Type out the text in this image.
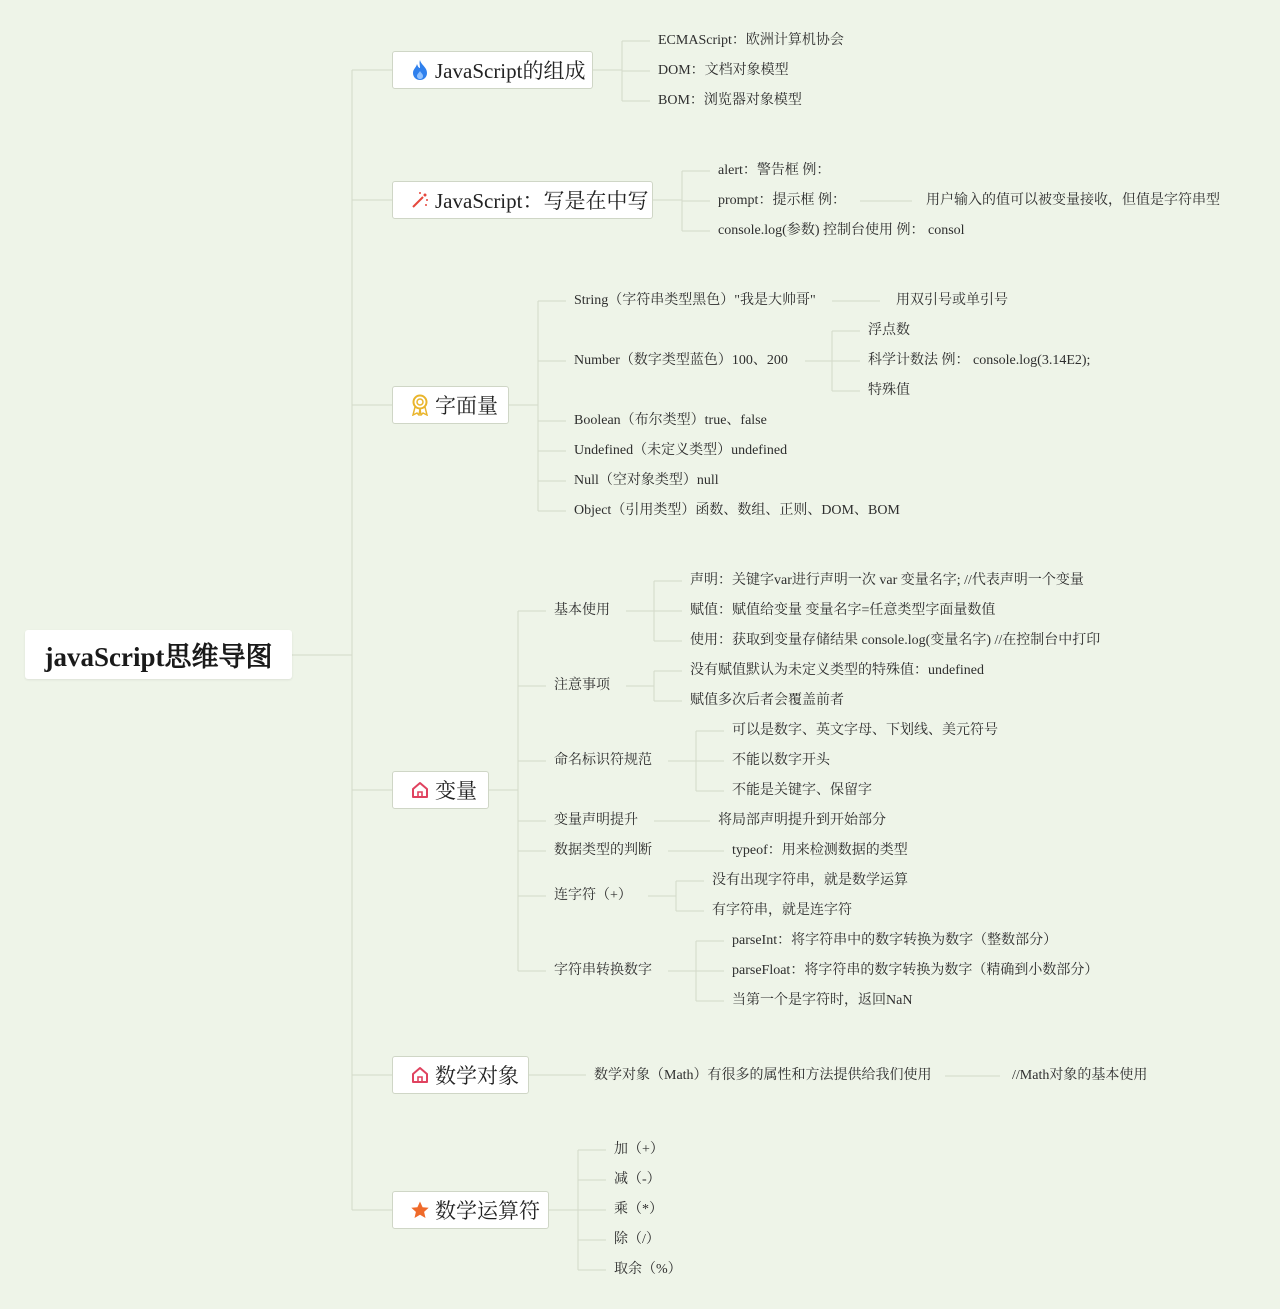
javaScript思维导图
JavaScript的组成
ECMAScript：欧洲计算机协会
DOM：文档对象模型
BOM：浏览器对象模型
JavaScript：写是在中写
alert：警告框 例：
prompt：提示框 例：
console.log(参数) 控制台使用 例：
用户输入的值可以被变量接收，但值是字符串型
consol
字面量
String（字符串类型黑色）"我是大帅哥"
Number（数字类型蓝色）100、200
Boolean（布尔类型）true、false
Undefined（未定义类型）undefined
Null（空对象类型）null
Object（引用类型）函数、数组、正则、DOM、BOM
用双引号或单引号
浮点数
科学计数法 例：
特殊值
console.log(3.14E2);
变量
基本使用
声明：关键字var进行声明一次 var 变量名字; //代表声明一个变量
赋值：赋值给变量 变量名字=任意类型字面量数值
使用：获取到变量存储结果 console.log(变量名字) //在控制台中打印
注意事项
没有赋值默认为未定义类型的特殊值：undefined
赋值多次后者会覆盖前者
命名标识符规范
可以是数字、英文字母、下划线、美元符号
不能以数字开头
不能是关键字、保留字
变量声明提升	将局部声明提升到开始部分
数据类型的判断	typeof：用来检测数据的类型
连字符（+）
没有出现字符串，就是数学运算
有字符串，就是连字符
字符串转换数字
parseInt：将字符串中的数字转换为数字（整数部分）
parseFloat：将字符串的数字转换为数字（精确到小数部分）
当第一个是字符时，返回NaN
数学对象	数学对象（Math）有很多的属性和方法提供给我们使用	//Math对象的基本使用
数学运算符
加（+）
减（-）
乘（*）
除（/）
取余（%）
